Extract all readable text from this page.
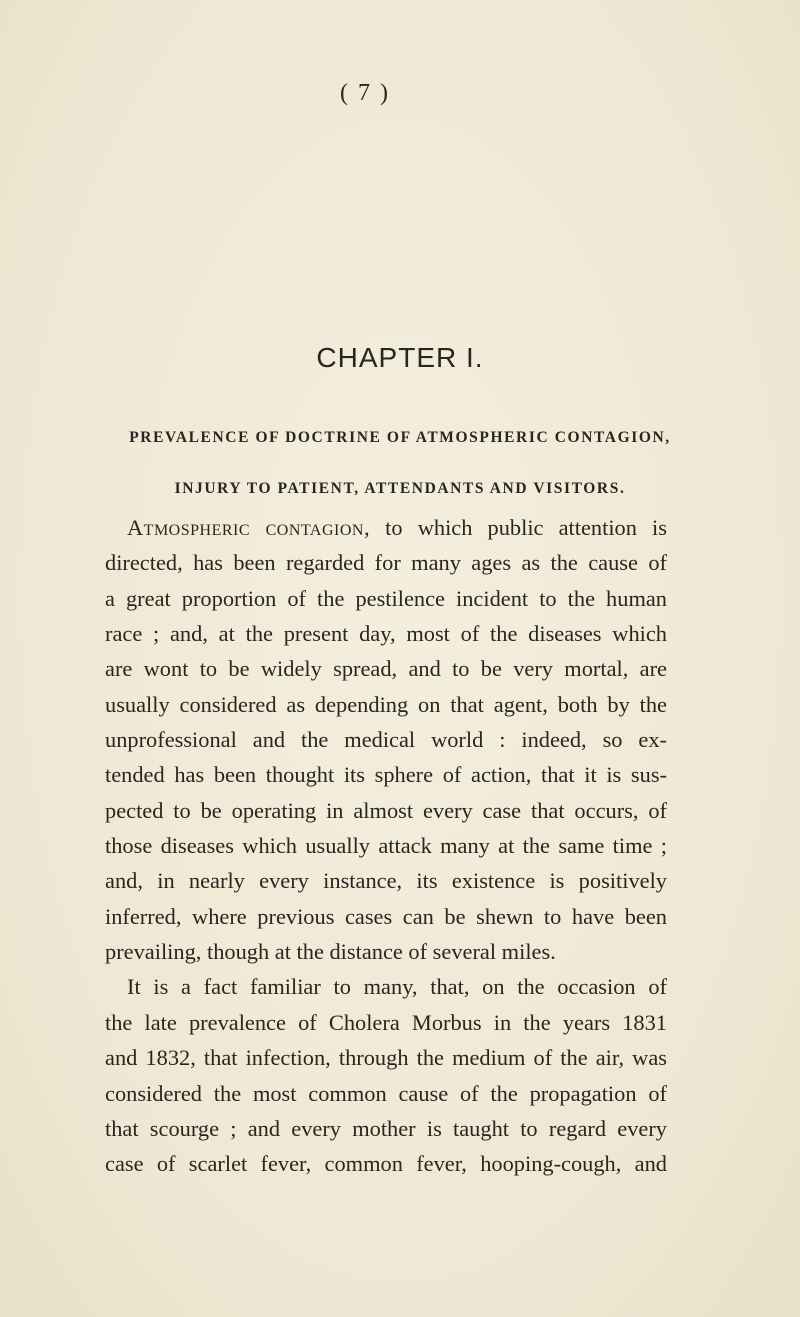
( 7 )
CHAPTER I.
PREVALENCE OF DOCTRINE OF ATMOSPHERIC CONTAGION,
INJURY TO PATIENT, ATTENDANTS AND VISITORS.
Atmospheric contagion, to which public attention is
directed, has been regarded for many ages as the cause of
a great proportion of the pestilence incident to the human
race ; and, at the present day, most of the diseases which
are wont to be widely spread, and to be very mortal, are
usually considered as depending on that agent, both by the
unprofessional and the medical world : indeed, so ex-
tended has been thought its sphere of action, that it is sus-
pected to be operating in almost every case that occurs, of
those diseases which usually attack many at the same time ;
and, in nearly every instance, its existence is positively
inferred, where previous cases can be shewn to have been
prevailing, though at the distance of several miles.
It is a fact familiar to many, that, on the occasion of
the late prevalence of Cholera Morbus in the years 1831
and 1832, that infection, through the medium of the air, was
considered the most common cause of the propagation of
that scourge ; and every mother is taught to regard every
case of scarlet fever, common fever, hooping-cough, and
